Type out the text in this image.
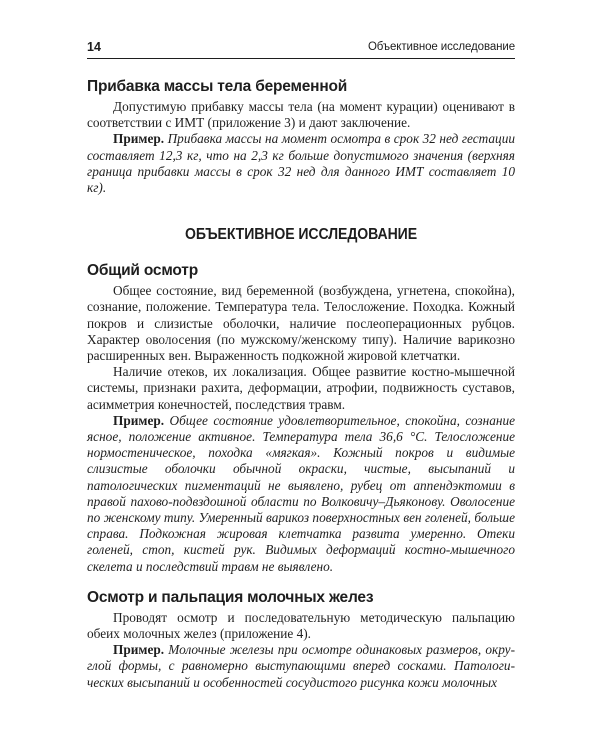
14	Объективное исследование
Прибавка массы тела беременной

Допустимую прибавку массы тела (на момент курации) оценивают в соответствии с ИМТ (приложение 3) и дают заключение.

Пример. Прибавка массы на момент осмотра в срок 32 нед гестации составляет 12,3 кг, что на 2,3 кг больше допустимого значения (верхняя граница прибавки массы в срок 32 нед для данного ИМТ составляет 10 кг).

ОБЪЕКТИВНОЕ ИССЛЕДОВАНИЕ
Общий осмотр

Общее состояние, вид беременной (возбуждена, угнетена, спокойна), сознание, положение. Температура тела. Телосложение. Походка. Кожный покров и слизистые оболочки, наличие послеоперационных рубцов. Характер оволосения (по мужскому/женскому типу). Наличие варикозно расширенных вен. Выраженность подкожной жировой клетчатки.

Наличие отеков, их локализация. Общее развитие костно-мышечной системы, признаки рахита, деформации, атрофии, подвижность суставов, асимметрия конечностей, последствия травм.

Пример. Общее состояние удовлетворительное, спокойна, сознание ясное, положение активное. Температура тела 36,6 °C. Телосложение нормостеническое, походка «мягкая». Кожный покров и видимые слизистые оболочки обычной окраски, чистые, высыпаний и патологических пигментаций не выявлено, рубец от аппендэктомии в правой пахово-подвздошной области по Волковичу–Дьяконову. Оволосение по женскому типу. Умеренный варикоз поверхностных вен голеней, больше справа. Подкожная жировая клетчатка развита умеренно. Отеки голеней, стоп, кистей рук. Видимых деформаций костно-мышечного скелета и последствий травм не выявлено.

Осмотр и пальпация молочных желез

Проводят осмотр и последовательную методическую пальпацию обеих молочных желез (приложение 4).

Пример. Молочные железы при осмотре одинаковых размеров, округлой формы, с равномерно выступающими вперед сосками. Патологических высыпаний и особенностей сосудистого рисунка кожи молочных
